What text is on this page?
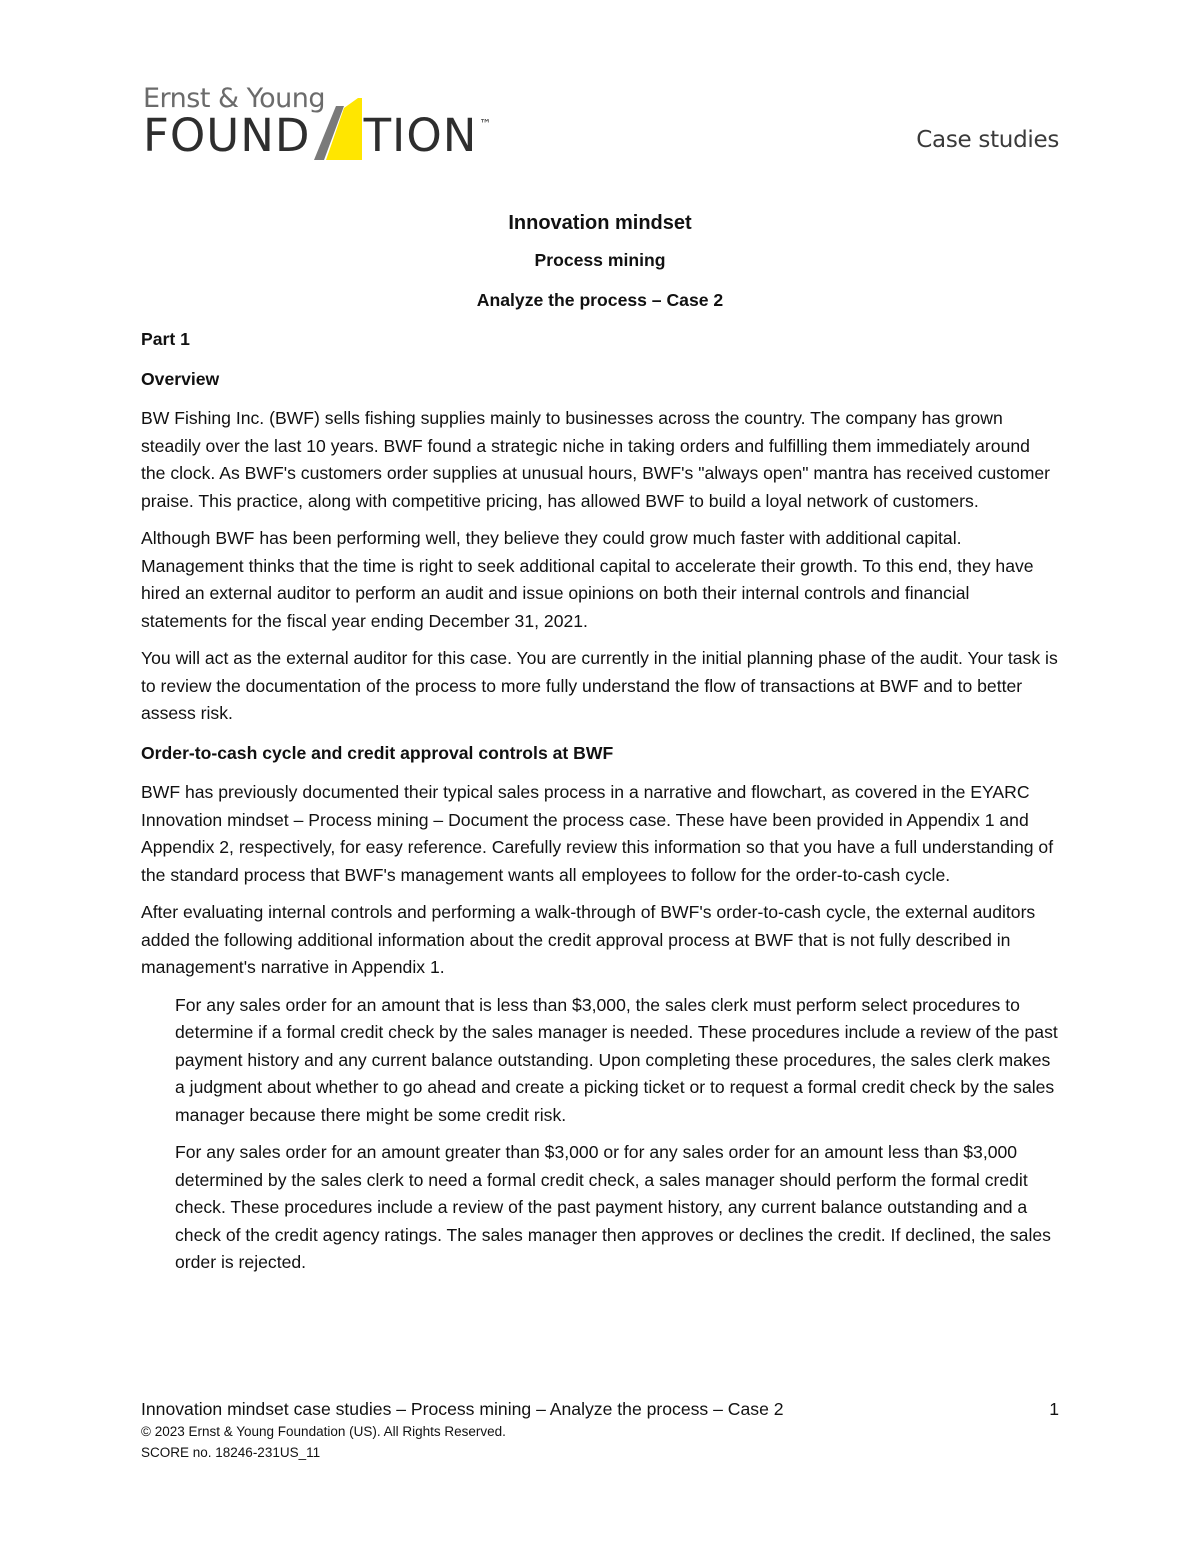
Ernst & Young
FOUND TION ™
Case studies

Innovation mindset

Process mining

Analyze the process – Case 2

Part 1

Overview

BW Fishing Inc. (BWF) sells fishing supplies mainly to businesses across the country. The company has grown steadily over the last 10 years. BWF found a strategic niche in taking orders and fulfilling them immediately around the clock. As BWF's customers order supplies at unusual hours, BWF's "always open" mantra has received customer praise. This practice, along with competitive pricing, has allowed BWF to build a loyal network of customers.

Although BWF has been performing well, they believe they could grow much faster with additional capital. Management thinks that the time is right to seek additional capital to accelerate their growth. To this end, they have hired an external auditor to perform an audit and issue opinions on both their internal controls and financial statements for the fiscal year ending December 31, 2021.

You will act as the external auditor for this case. You are currently in the initial planning phase of the audit. Your task is to review the documentation of the process to more fully understand the flow of transactions at BWF and to better assess risk.

Order-to-cash cycle and credit approval controls at BWF

BWF has previously documented their typical sales process in a narrative and flowchart, as covered in the EYARC Innovation mindset – Process mining – Document the process case. These have been provided in Appendix 1 and Appendix 2, respectively, for easy reference. Carefully review this information so that you have a full understanding of the standard process that BWF's management wants all employees to follow for the order-to-cash cycle.

After evaluating internal controls and performing a walk-through of BWF's order-to-cash cycle, the external auditors added the following additional information about the credit approval process at BWF that is not fully described in management's narrative in Appendix 1.

For any sales order for an amount that is less than $3,000, the sales clerk must perform select procedures to determine if a formal credit check by the sales manager is needed. These procedures include a review of the past payment history and any current balance outstanding. Upon completing these procedures, the sales clerk makes a judgment about whether to go ahead and create a picking ticket or to request a formal credit check by the sales manager because there might be some credit risk.

For any sales order for an amount greater than $3,000 or for any sales order for an amount less than $3,000 determined by the sales clerk to need a formal credit check, a sales manager should perform the formal credit check. These procedures include a review of the past payment history, any current balance outstanding and a check of the credit agency ratings. The sales manager then approves or declines the credit. If declined, the sales order is rejected.

Innovation mindset case studies – Process mining – Analyze the process – Case 2	1
© 2023 Ernst & Young Foundation (US). All Rights Reserved.
SCORE no. 18246-231US_11
